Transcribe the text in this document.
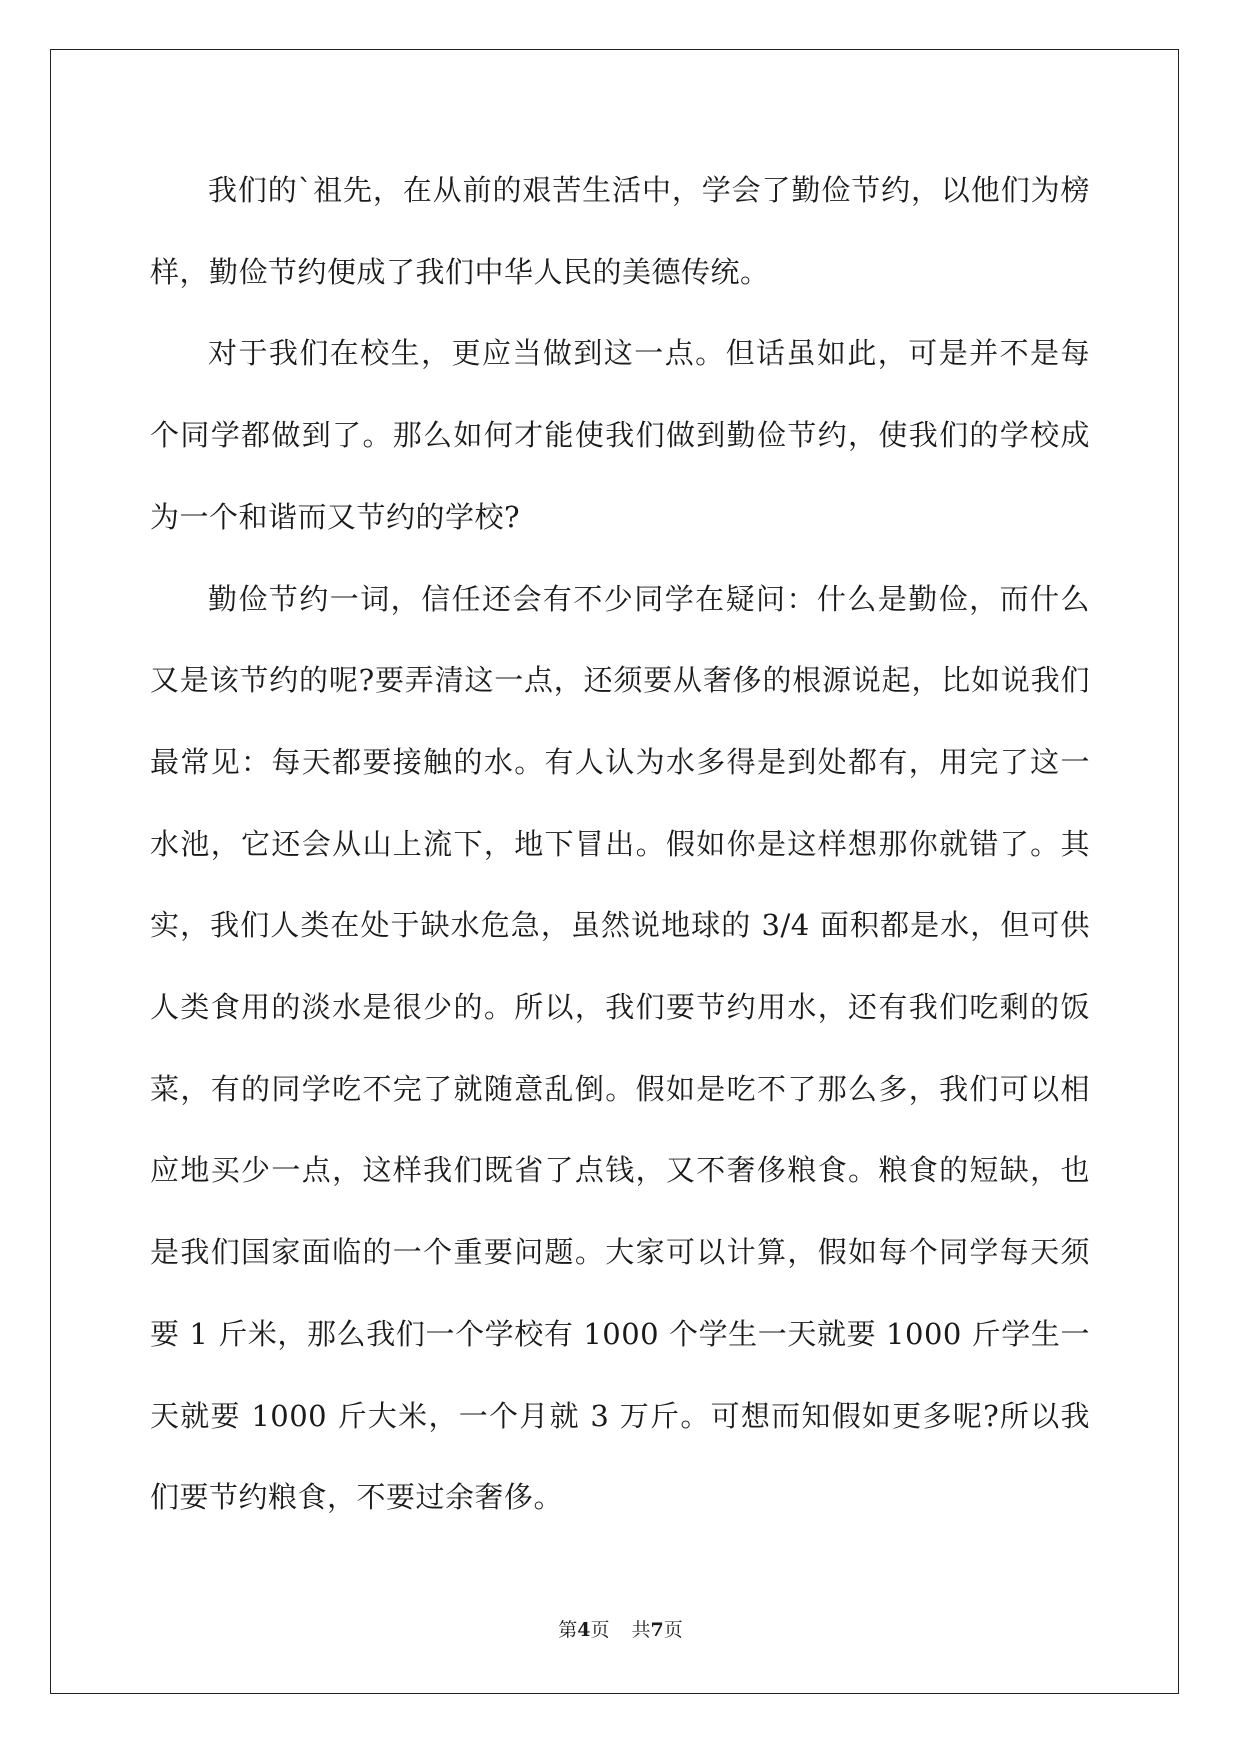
我们的`祖先，在从前的艰苦生活中，学会了勤俭节约，以他们为榜样，勤俭节约便成了我们中华人民的美德传统。

对于我们在校生，更应当做到这一点。但话虽如此，可是并不是每个同学都做到了。那么如何才能使我们做到勤俭节约，使我们的学校成为一个和谐而又节约的学校?

勤俭节约一词，信任还会有不少同学在疑问：什么是勤俭，而什么又是该节约的呢?要弄清这一点，还须要从奢侈的根源说起，比如说我们最常见：每天都要接触的水。有人认为水多得是到处都有，用完了这一水池，它还会从山上流下，地下冒出。假如你是这样想那你就错了。其实，我们人类在处于缺水危急，虽然说地球的 3/4 面积都是水，但可供人类食用的淡水是很少的。所以，我们要节约用水，还有我们吃剩的饭菜，有的同学吃不完了就随意乱倒。假如是吃不了那么多，我们可以相应地买少一点，这样我们既省了点钱，又不奢侈粮食。粮食的短缺，也是我们国家面临的一个重要问题。大家可以计算，假如每个同学每天须要 1 斤米，那么我们一个学校有 1000 个学生一天就要 1000 斤学生一天就要 1000 斤大米，一个月就 3 万斤。可想而知假如更多呢?所以我们要节约粮食，不要过余奢侈。

第4页 共7页
